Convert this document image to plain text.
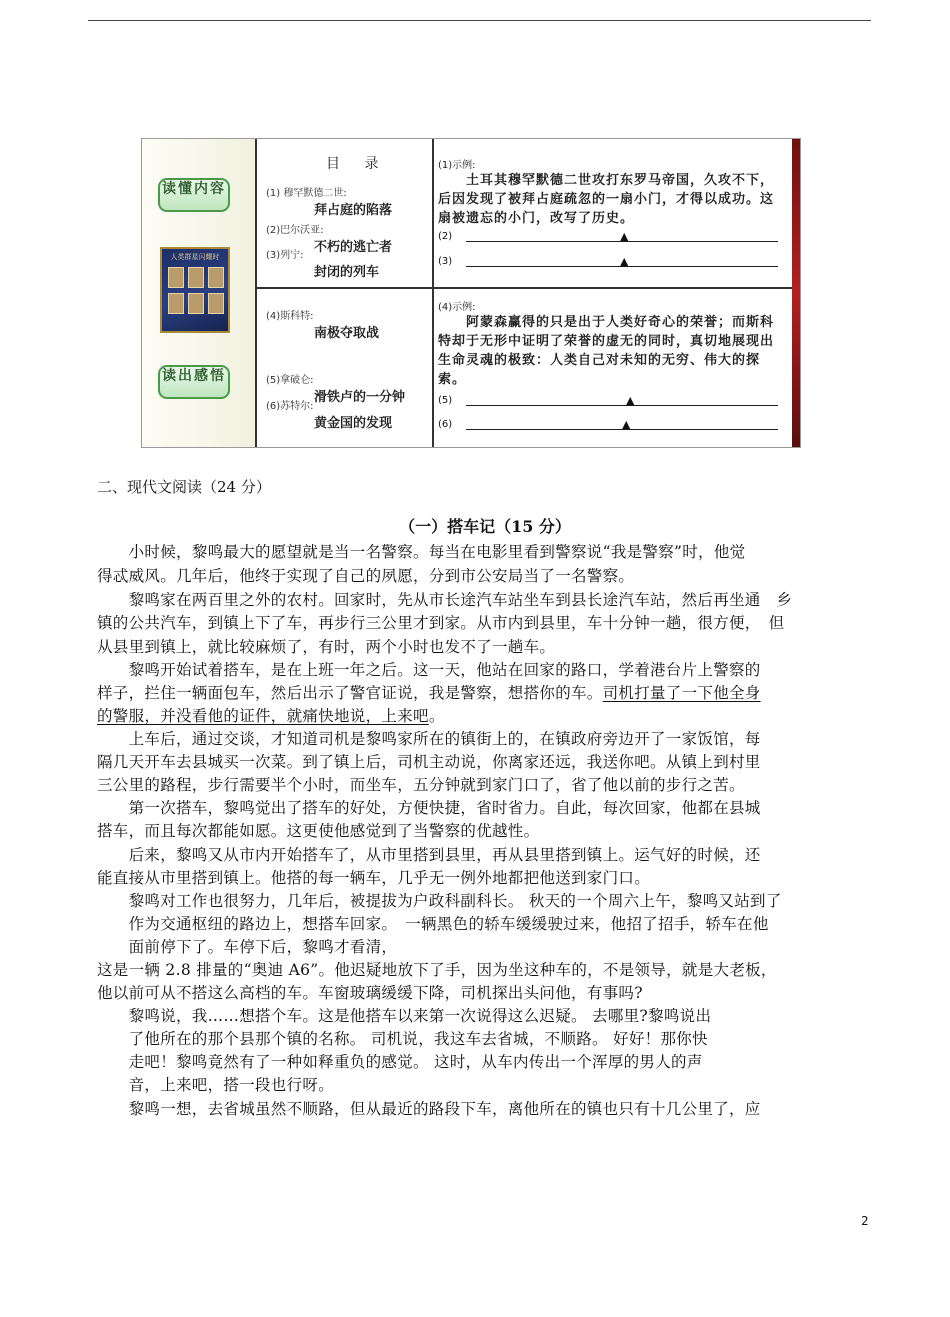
读懂内容
人类群星闪耀时
读出感悟
目 录
(1) 穆罕默德二世:
拜占庭的陷落
(2)巴尔沃亚:
不朽的逃亡者
(3)列宁:
封闭的列车
(4)斯科特:
南极夺取战
(5)拿破仑:
滑铁卢的一分钟
(6)苏特尔:
黄金国的发现
(1)示例:
土耳其穆罕默德二世攻打东罗马帝国，久攻不下，后因发现了被拜占庭疏忽的一扇小门，才得以成功。这扇被遗忘的小门，改写了历史。
(2)	▲
(3)	▲
(4)示例:
阿蒙森赢得的只是出于人类好奇心的荣誉；而斯科特却于无形中证明了荣誉的虚无的同时，真切地展现出生命灵魂的极致：人类自己对未知的无穷、伟大的探索。
(5)	▲
(6)	▲
二、现代文阅读（24 分）
（一）搭车记（15 分）
　　小时候，黎鸣最大的愿望就是当一名警察。每当在电影里看到警察说“我是警察”时，他觉
得忒威风。几年后，他终于实现了自己的夙愿，分到市公安局当了一名警察。
　　黎鸣家在两百里之外的农村。回家时，先从市长途汽车站坐车到县长途汽车站，然后再坐通　乡
镇的公共汽车，到镇上下了车，再步行三公里才到家。从市内到县里，车十分钟一趟，很方便，　但
从县里到镇上，就比较麻烦了，有时，两个小时也发不了一趟车。
　　黎鸣开始试着搭车，是在上班一年之后。这一天，他站在回家的路口，学着港台片上警察的
样子，拦住一辆面包车，然后出示了警官证说，我是警察，想搭你的车。司机打量了一下他全身
的警服，并没看他的证件，就痛快地说，上来吧。
　　上车后，通过交谈，才知道司机是黎鸣家所在的镇街上的，在镇政府旁边开了一家饭馆，每
隔几天开车去县城买一次菜。到了镇上后，司机主动说，你离家还远，我送你吧。从镇上到村里
三公里的路程，步行需要半个小时，而坐车，五分钟就到家门口了，省了他以前的步行之苦。
　　第一次搭车，黎鸣觉出了搭车的好处，方便快捷，省时省力。自此，每次回家，他都在县城
搭车，而且每次都能如愿。这更使他感觉到了当警察的优越性。
　　后来，黎鸣又从市内开始搭车了，从市里搭到县里，再从县里搭到镇上。运气好的时候，还
能直接从市里搭到镇上。他搭的每一辆车，几乎无一例外地都把他送到家门口。
　　黎鸣对工作也很努力，几年后，被提拔为户政科副科长。 秋天的一个周六上午，黎鸣又站到了
　　作为交通枢纽的路边上，想搭车回家。　一辆黑色的轿车缓缓驶过来，他招了招手，轿车在他
　　面前停下了。车停下后，黎鸣才看清，
这是一辆 2.8 排量的“奥迪 A6”。他迟疑地放下了手，因为坐这种车的，不是领导，就是大老板，
他以前可从不搭这么高档的车。车窗玻璃缓缓下降，司机探出头问他，有事吗?
　　黎鸣说，我……想搭个车。这是他搭车以来第一次说得这么迟疑。 去哪里?黎鸣说出
　　了他所在的那个县那个镇的名称。 司机说，我这车去省城，不顺路。 好好！那你快
　　走吧！黎鸣竟然有了一种如释重负的感觉。 这时，从车内传出一个浑厚的男人的声
　　音，上来吧，搭一段也行呀。
　　黎鸣一想，去省城虽然不顺路，但从最近的路段下车，离他所在的镇也只有十几公里了，应
2
